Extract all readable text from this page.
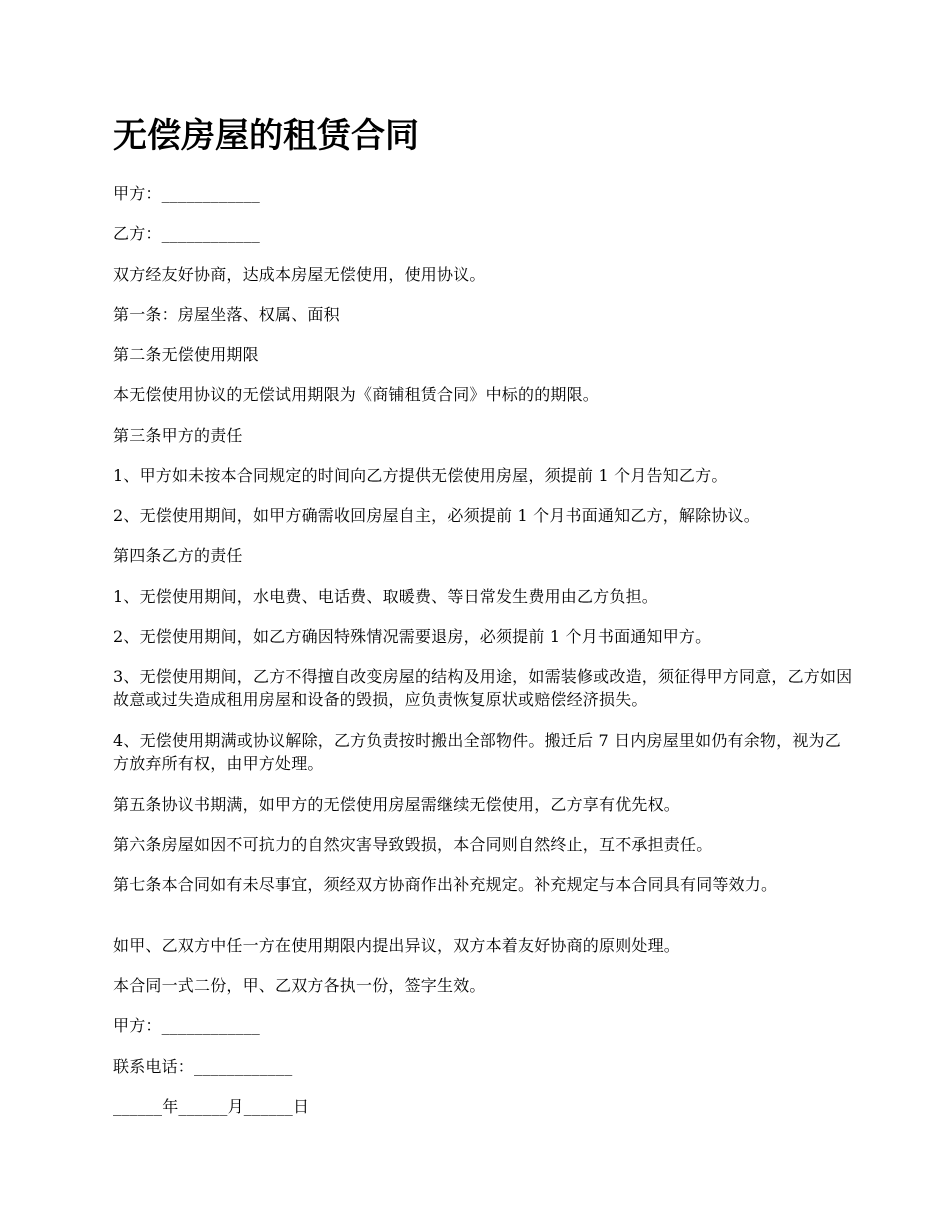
无偿房屋的租赁合同

甲方：____________

乙方：____________

双方经友好协商，达成本房屋无偿使用，使用协议。

第一条：房屋坐落、权属、面积

第二条无偿使用期限

本无偿使用协议的无偿试用期限为《商铺租赁合同》中标的的期限。

第三条甲方的责任

1、甲方如未按本合同规定的时间向乙方提供无偿使用房屋，须提前 1 个月告知乙方。

2、无偿使用期间，如甲方确需收回房屋自主，必须提前 1 个月书面通知乙方，解除协议。

第四条乙方的责任

1、无偿使用期间，水电费、电话费、取暖费、等日常发生费用由乙方负担。

2、无偿使用期间，如乙方确因特殊情况需要退房，必须提前 1 个月书面通知甲方。

3、无偿使用期间，乙方不得擅自改变房屋的结构及用途，如需装修或改造，须征得甲方同意，乙方如因故意或过失造成租用房屋和设备的毁损，应负责恢复原状或赔偿经济损失。

4、无偿使用期满或协议解除，乙方负责按时搬出全部物件。搬迁后 7 日内房屋里如仍有余物，视为乙方放弃所有权，由甲方处理。

第五条协议书期满，如甲方的无偿使用房屋需继续无偿使用，乙方享有优先权。

第六条房屋如因不可抗力的自然灾害导致毁损，本合同则自然终止，互不承担责任。

第七条本合同如有未尽事宜，须经双方协商作出补充规定。补充规定与本合同具有同等效力。

如甲、乙双方中任一方在使用期限内提出异议，双方本着友好协商的原则处理。

本合同一式二份，甲、乙双方各执一份，签字生效。

甲方：____________

联系电话：____________

______年______月______日
